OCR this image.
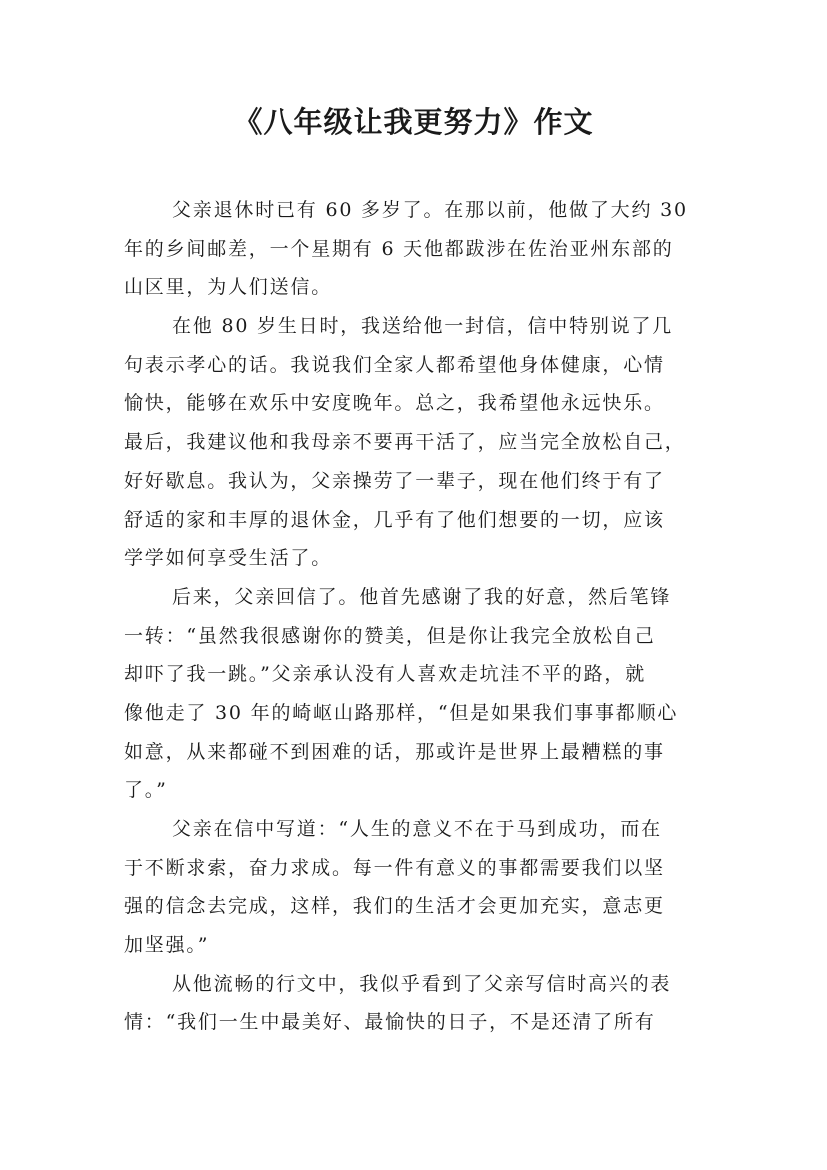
《八年级让我更努力》作文
父亲退休时已有 60 多岁了。在那以前，他做了大约 30
年的乡间邮差，一个星期有 6 天他都跋涉在佐治亚州东部的
山区里，为人们送信。
在他 80 岁生日时，我送给他一封信，信中特别说了几
句表示孝心的话。我说我们全家人都希望他身体健康，心情
愉快，能够在欢乐中安度晚年。总之，我希望他永远快乐。
最后，我建议他和我母亲不要再干活了，应当完全放松自己，
好好歇息。我认为，父亲操劳了一辈子，现在他们终于有了
舒适的家和丰厚的退休金，几乎有了他们想要的一切，应该
学学如何享受生活了。
后来，父亲回信了。他首先感谢了我的好意，然后笔锋
一转：“虽然我很感谢你的赞美，但是你让我完全放松自己
却吓了我一跳。”父亲承认没有人喜欢走坑洼不平的路，就
像他走了 30 年的崎岖山路那样，“但是如果我们事事都顺心
如意，从来都碰不到困难的话，那或许是世界上最糟糕的事
了。”
父亲在信中写道：“人生的意义不在于马到成功，而在
于不断求索，奋力求成。每一件有意义的事都需要我们以坚
强的信念去完成，这样，我们的生活才会更加充实，意志更
加坚强。”
从他流畅的行文中，我似乎看到了父亲写信时高兴的表
情：“我们一生中最美好、最愉快的日子，不是还清了所有
